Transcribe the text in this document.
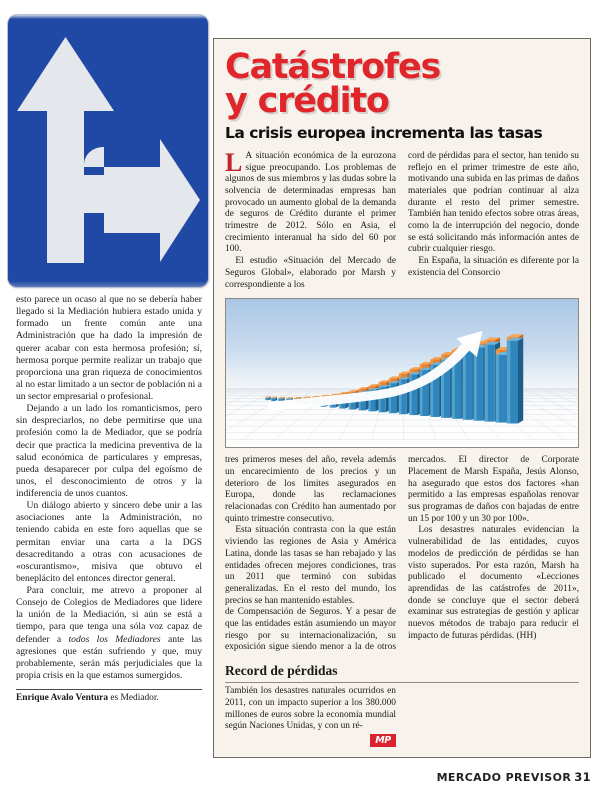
Catástrofes
y crédito
La crisis europea incrementa las tasas

LA situación económica de la eurozona sigue preocupando. Los problemas de algunos de sus miembros y las dudas sobre la solvencia de determinadas empresas han provocado un aumento global de la demanda de seguros de Crédito durante el primer trimestre de 2012. Sólo en Asia, el crecimiento interanual ha sido del 60 por 100.

El estudio «Situación del Mercado de Seguros Global», elaborado por Marsh y correspondiente a los

cord de pérdidas para el sector, han tenido su reflejo en el primer trimestre de este año, motivando una subida en las primas de daños materiales que podrían continuar al alza durante el resto del primer semestre. También han tenido efectos sobre otras áreas, como la de interrupción del negocio, donde se está solicitando más información antes de cubrir cualquier riesgo.

En España, la situación es diferente por la existencia del Consorcio

tres primeros meses del año, revela además un encarecimiento de los precios y un deterioro de los límites asegurados en Europa, donde las reclamaciones relacionadas con Crédito han aumentado por quinto trimestre consecutivo.

Esta situación contrasta con la que están viviendo las regiones de Asia y América Latina, donde las tasas se han rebajado y las entidades ofrecen mejores condiciones, tras un 2011 que terminó con subidas generalizadas. En el resto del mundo, los precios se han mantenido estables.

de Compensación de Seguros. Y a pesar de que las entidades están asumiendo un mayor riesgo por su internacionalización, su exposición sigue siendo menor a la de otros mercados. El director de Corporate Placement de Marsh España, Jesús Alonso, ha asegurado que estos dos factores «han permitido a las empresas españolas renovar sus programas de daños con bajadas de entre un 15 por 100 y un 30 por 100».

Los desastres naturales evidencian la vulnerabilidad de las entidades, cuyos modelos de predicción de pérdidas se han visto superados. Por esta razón, Marsh ha publicado el documento «Lecciones aprendidas de las catástrofes de 2011», donde se concluye que el sector deberá examinar sus estrategias de gestión y aplicar nuevos métodos de trabajo para reducir el impacto de futuras pérdidas. (HH)

Record de pérdidas

También los desastres naturales ocurridos en 2011, con un impacto superior a los 380.000 millones de euros sobre la economía mundial según Naciones Unidas, y con un ré-

MP

esto parece un ocaso al que no se debería haber llegado si la Mediación hubiera estado unida y formado un frente común ante una Administración que ha dado la impresión de querer acabar con esta hermosa profesión; sí, hermosa porque permite realizar un trabajo que proporciona una gran riqueza de conocimientos al no estar limitado a un sector de población ni a un sector empresarial o profesional.

Dejando a un lado los romanticismos, pero sin despreciarlos, no debe permitirse que una profesión como la de Mediador, que se podría decir que practica la medicina preventiva de la salud económica de particulares y empresas, pueda desaparecer por culpa del egoísmo de unos, el desconocimiento de otros y la indiferencia de unos cuantos.

Un diálogo abierto y sincero debe unir a las asociaciones ante la Administración, no teniendo cabida en este foro aquellas que se permitan enviar una carta a la DGS desacreditando a otras con acusaciones de «oscurantismo», misiva que obtuvo el beneplácito del entonces director general.

Para concluir, me atrevo a proponer al Consejo de Colegios de Mediadores que lidere la unión de la Mediación, si aún se está a tiempo, para que tenga una sóla voz capaz de defender a todos los Mediadores ante las agresiones que están sufriendo y que, muy probablemente, serán más perjudiciales que la propia crisis en la que estamos sumergidos.

Enrique Avalo Ventura es Mediador.
MERCADO PREVISOR 31
